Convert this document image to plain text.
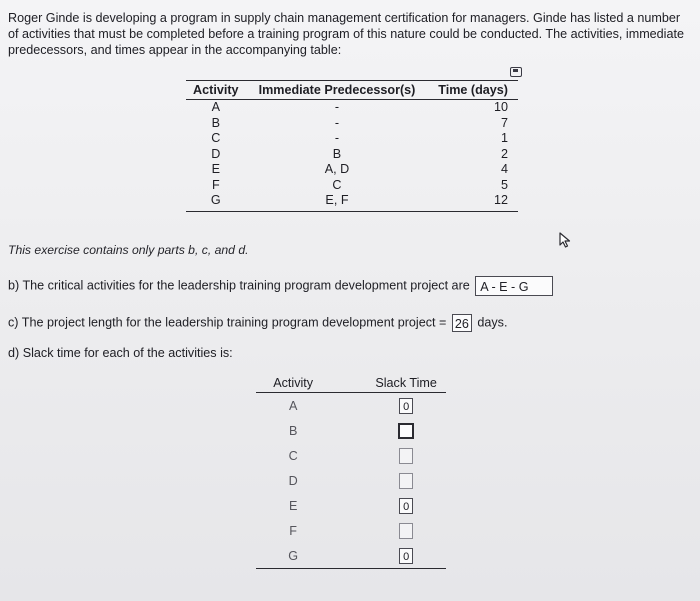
Roger Ginde is developing a program in supply chain management certification for managers. Ginde has listed a number of activities that must be completed before a training program of this nature could be conducted. The activities, immediate predecessors, and times appear in the accompanying table:
Activity	Immediate Predecessor(s)	Time (days)
A	-	10
B	-	7
C	-	1
D	B	2
E	A, D	4
F	C	5
G	E, F	12
This exercise contains only parts b, c, and d.
b) The critical activities for the leadership training program development project are A - E - G
c) The project length for the leadership training program development project = 26 days.
d) Slack time for each of the activities is:
Activity	Slack Time
A	0
B	
C	
D	
E	0
F	
G	0
